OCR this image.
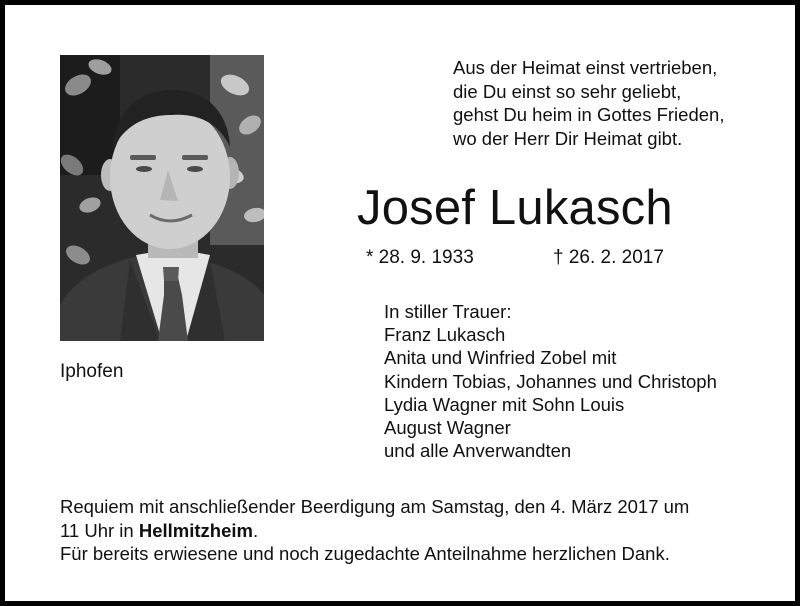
Iphofen
Aus der Heimat einst vertrieben,
die Du einst so sehr geliebt,
gehst Du heim in Gottes Frieden,
wo der Herr Dir Heimat gibt.
Josef Lukasch
* 28. 9. 1933	† 26. 2. 2017
In stiller Trauer:
Franz Lukasch
Anita und Winfried Zobel mit
Kindern Tobias, Johannes und Christoph
Lydia Wagner mit Sohn Louis
August Wagner
und alle Anverwandten
Requiem mit anschließender Beerdigung am Samstag, den 4. März 2017 um
11 Uhr in Hellmitzheim.
Für bereits erwiesene und noch zugedachte Anteilnahme herzlichen Dank.
